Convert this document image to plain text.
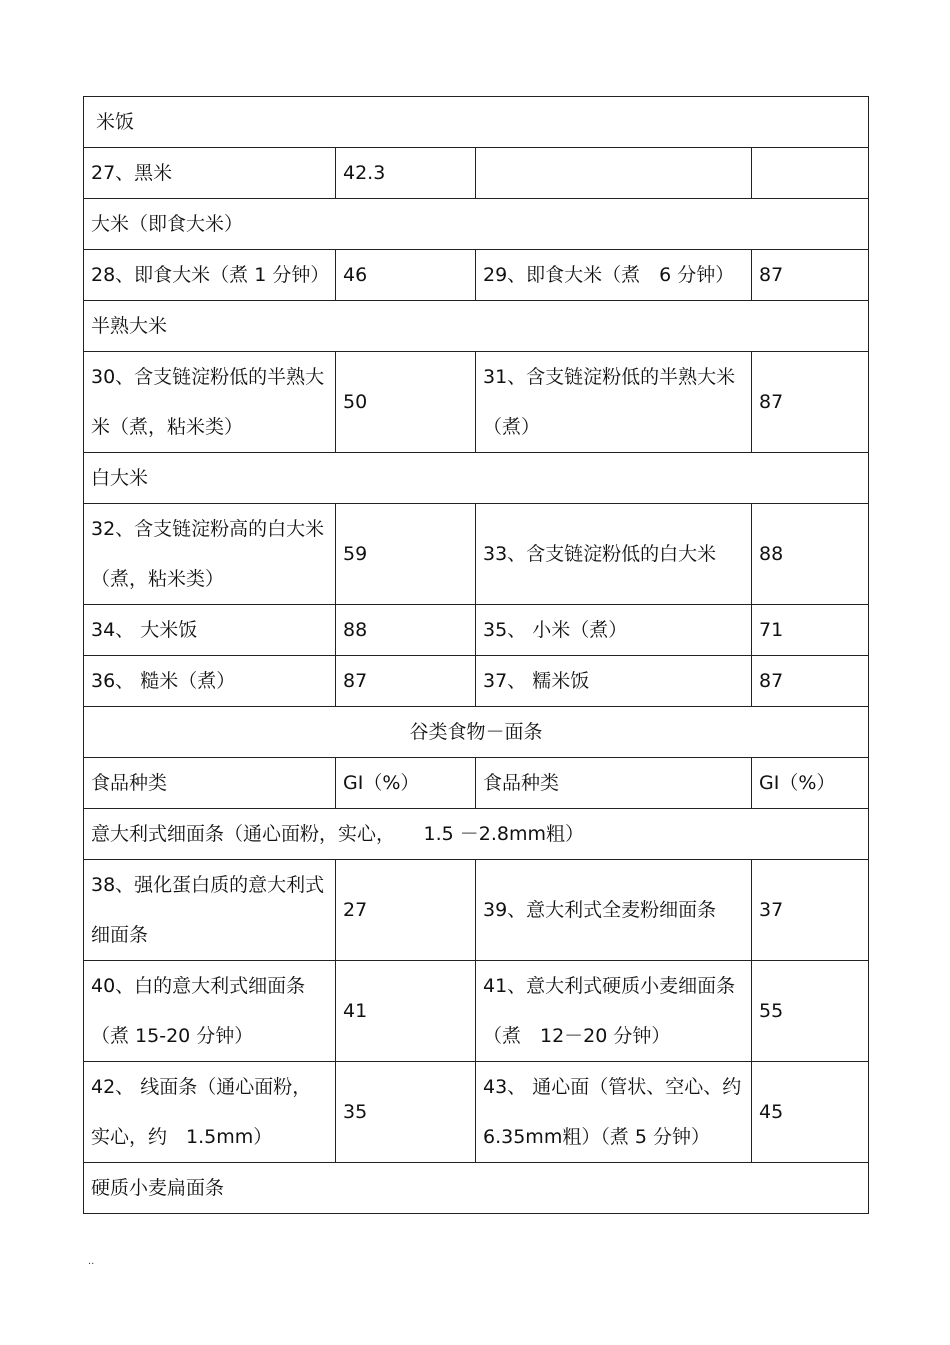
米饭			
27、黑米	42.3		
大米（即食大米）			
28、即食大米（煮 1 分钟）	46	29、即食大米（煮　6 分钟）	87
半熟大米			
30、含支链淀粉低的半熟大米（煮，粘米类）	50	31、含支链淀粉低的半熟大米（煮）	87
白大米			
32、含支链淀粉高的白大米（煮，粘米类）	59	33、含支链淀粉低的白大米	88
34、 大米饭	88	35、 小米（煮）	71
36、 糙米（煮）	87	37、 糯米饭	87
谷类食物－面条			
食品种类	GI（%）	食品种类	GI（%）
意大利式细面条（通心面粉，实心，　　1.5 －2.8mm粗）			
38、强化蛋白质的意大利式细面条	27	39、意大利式全麦粉细面条	37
40、白的意大利式细面条（煮 15-20 分钟）	41	41、意大利式硬质小麦细面条（煮　12－20 分钟）	55
42、 线面条（通心面粉，实心，约　1.5mm）	35	43、 通心面（管状、空心、约 6.35mm粗）（煮 5 分钟）	45
硬质小麦扁面条			
..
